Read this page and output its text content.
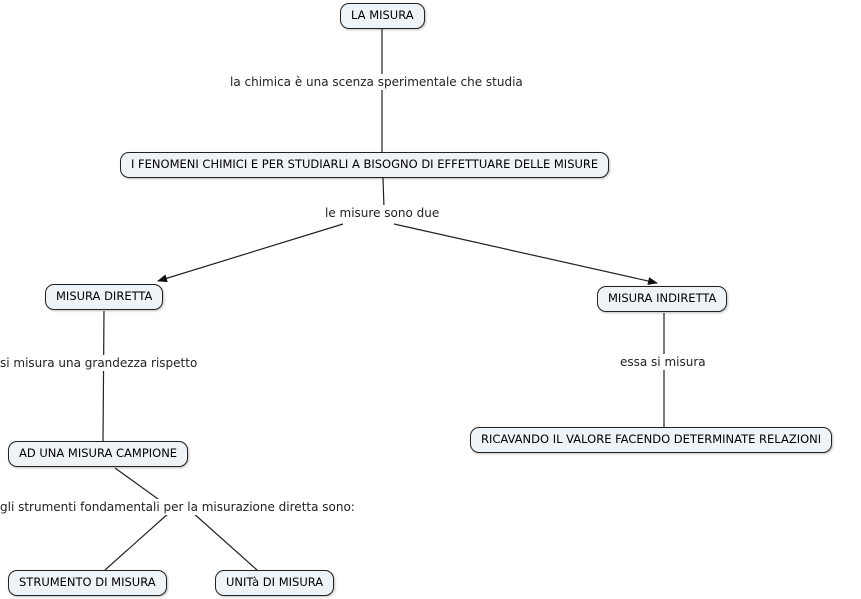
la chimica è una scenza sperimentale che studia
le misure sono due
si misura una grandezza rispetto	essa si misura
gli strumenti fondamentali per la misurazione diretta sono:
LA MISURA
I FENOMENI CHIMICI E PER STUDIARLI A BISOGNO DI EFFETTUARE DELLE MISURE
MISURA DIRETTA	MISURA INDIRETTA
AD UNA MISURA CAMPIONE
RICAVANDO IL VALORE FACENDO DETERMINATE RELAZIONI
STRUMENTO DI MISURA	UNITà DI MISURA
